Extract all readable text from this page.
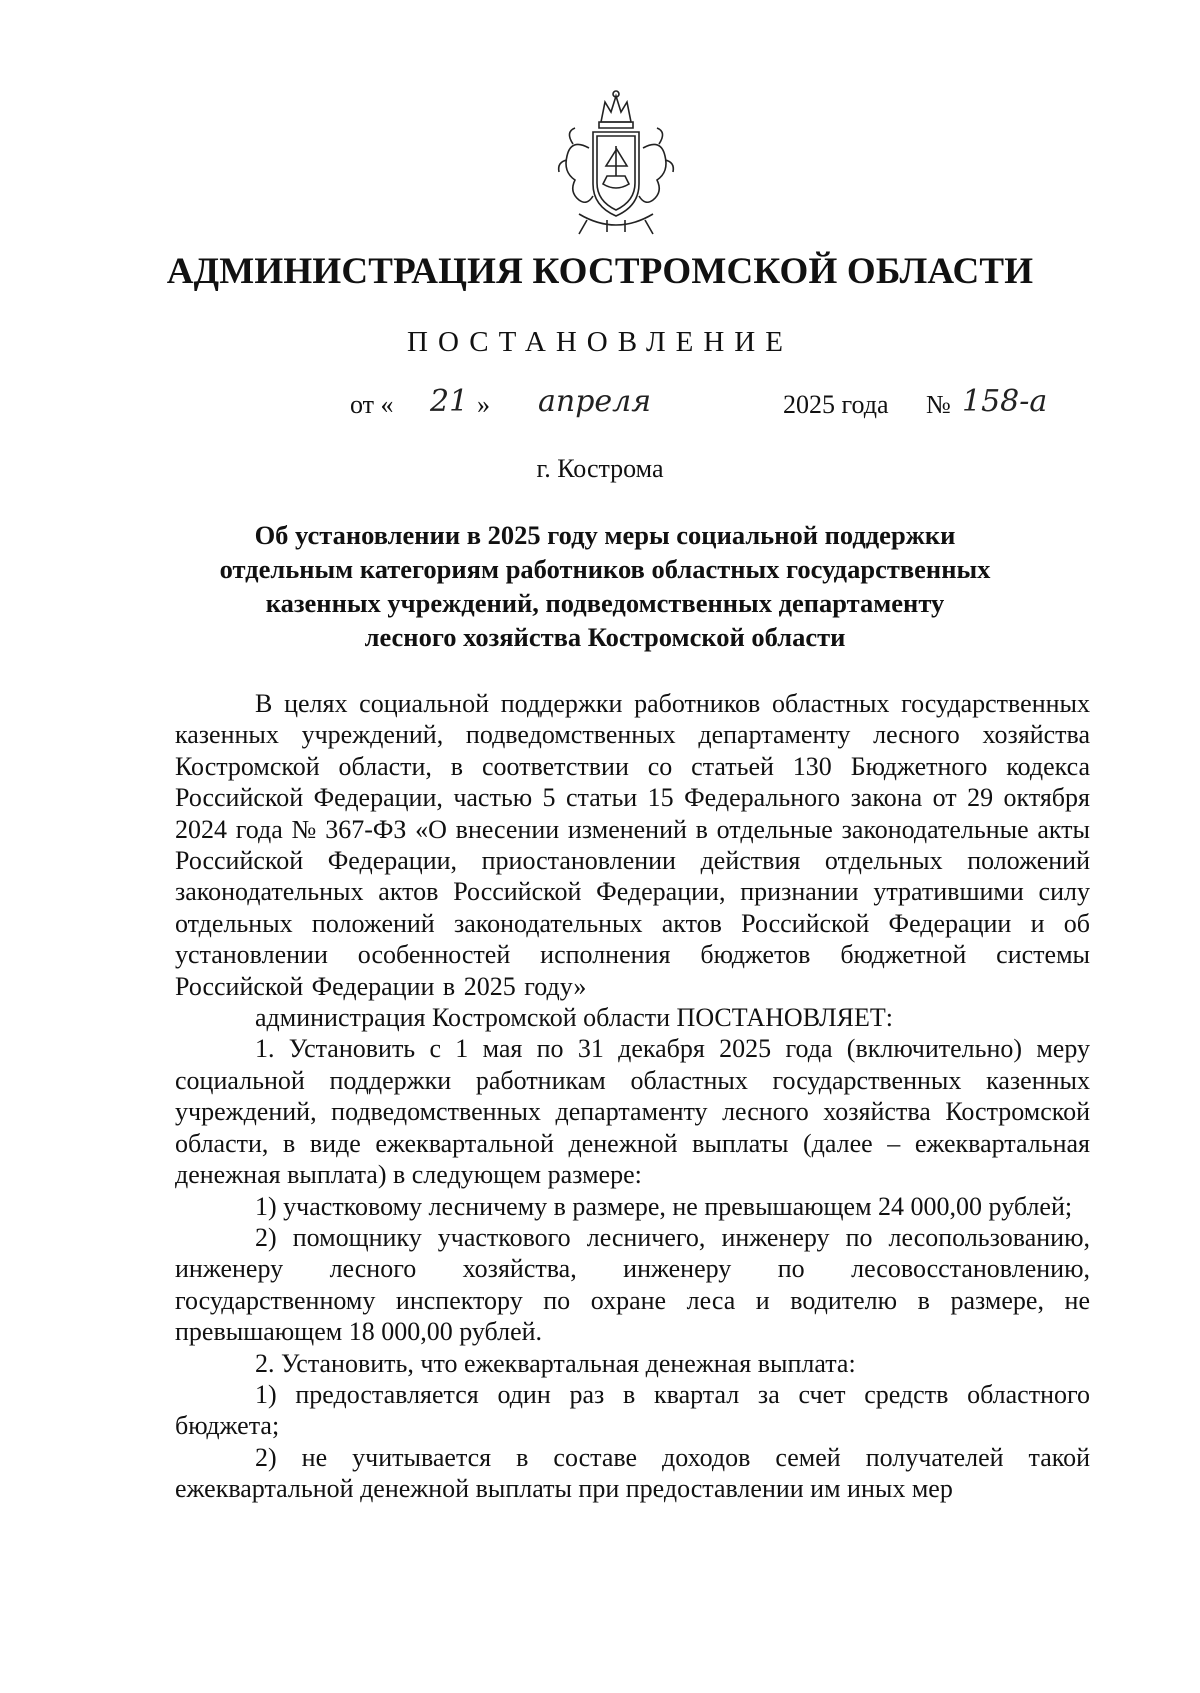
АДМИНИСТРАЦИЯ КОСТРОМСКОЙ ОБЛАСТИ
ПОСТАНОВЛЕНИЕ
от « 21 » апреля	2025 года № 158-а
г. Кострома
Об установлении в 2025 году меры социальной поддержки
отдельным категориям работников областных государственных
казенных учреждений, подведомственных департаменту
лесного хозяйства Костромской области

В целях социальной поддержки работников областных государственных казенных учреждений, подведомственных департаменту лесного хозяйства Костромской области, в соответствии со статьей 130 Бюджетного кодекса Российской Федерации, частью 5 статьи 15 Федерального закона от 29 октября 2024 года № 367-ФЗ «О внесении изменений в отдельные законодательные акты Российской Федерации, приостановлении действия отдельных положений законодательных актов Российской Федерации, признании утратившими силу отдельных положений законодательных актов Российской Федерации и об установлении особенностей исполнения бюджетов бюджетной системы Российской Федерации в 2025 году»

администрация Костромской области ПОСТАНОВЛЯЕТ:

1. Установить с 1 мая по 31 декабря 2025 года (включительно) меру социальной поддержки работникам областных государственных казенных учреждений, подведомственных департаменту лесного хозяйства Костромской области, в виде ежеквартальной денежной выплаты (далее – ежеквартальная денежная выплата) в следующем размере:

1) участковому лесничему в размере, не превышающем 24 000,00 рублей;

2) помощнику участкового лесничего, инженеру по лесопользованию, инженеру лесного хозяйства, инженеру по лесовосстановлению, государственному инспектору по охране леса и водителю в размере, не превышающем 18 000,00 рублей.

2. Установить, что ежеквартальная денежная выплата:

1) предоставляется один раз в квартал за счет средств областного бюджета;

2) не учитывается в составе доходов семей получателей такой ежеквартальной денежной выплаты при предоставлении им иных мер
